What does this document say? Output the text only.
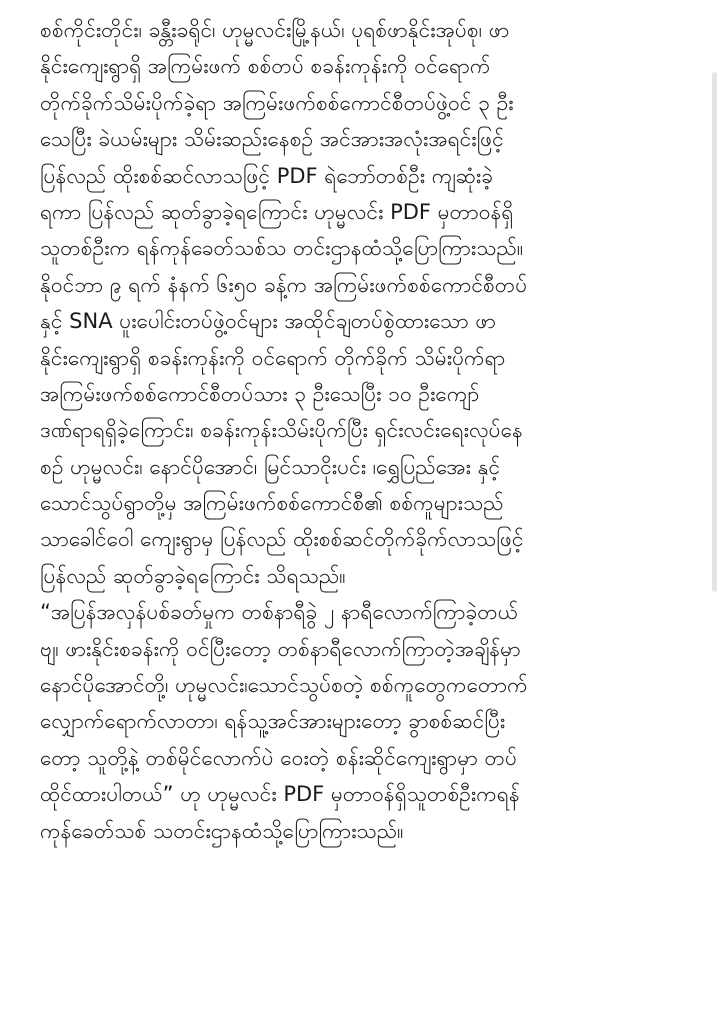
စစ်ကိုင်းတိုင်း၊ ခန္တီးခရိုင်၊ ဟုမ္မလင်းမြို့နယ်၊ ပုရစ်ဖာနိုင်းအုပ်စု၊ ဖာ
နိုင်းကျေးရွာရှိ အကြမ်းဖက် စစ်တပ် စခန်းကုန်းကို ဝင်ရောက်
တိုက်ခိုက်သိမ်းပိုက်ခဲ့ရာ အကြမ်းဖက်စစ်ကောင်စီတပ်ဖွဲ့ဝင် ၃ ဦး
သေပြီး ခဲယမ်းများ သိမ်းဆည်းနေစဉ် အင်အားအလုံးအရင်းဖြင့်
ပြန်လည် ထိုးစစ်ဆင်လာသဖြင့် PDF ရဲဘော်တစ်ဦး ကျဆုံးခဲ့
ရကာ ပြန်လည် ဆုတ်ခွာခဲ့ရကြောင်း ဟုမ္မလင်း PDF မှတာဝန်ရှိ
သူတစ်ဦးက ရန်ကုန်ခေတ်သစ်သ တင်းဌာနထံသို့ပြောကြားသည်။
နိုဝင်ဘာ ၉ ရက် နံနက် ၆း၅၀ ခန့်က အကြမ်းဖက်စစ်ကောင်စီတပ်
နှင့် SNA ပူးပေါင်းတပ်ဖွဲ့ဝင်များ အထိုင်ချတပ်စွဲထားသော ဖာ
နိုင်းကျေးရွာရှိ စခန်းကုန်းကို ဝင်ရောက် တိုက်ခိုက် သိမ်းပိုက်ရာ
အကြမ်းဖက်စစ်ကောင်စီတပ်သား ၃ ဦးသေပြီး ၁၀ ဦးကျော်
ဒဏ်ရာရရှိခဲ့ကြောင်း၊ စခန်းကုန်းသိမ်းပိုက်ပြီး ရှင်းလင်းရေးလုပ်နေ
စဉ် ဟုမ္မလင်း၊ နောင်ပိုအောင်၊ မြင်သာငိုးပင်း ၊ရွှေပြည်အေး နှင့်
သောင်သွပ်ရွာတို့မှ အကြမ်းဖက်စစ်ကောင်စီ၏ စစ်ကူများသည်
သာခေါင်ဝေါ ကျေးရွာမှ ပြန်လည် ထိုးစစ်ဆင်တိုက်ခိုက်လာသဖြင့်
ပြန်လည် ဆုတ်ခွာခဲ့ရကြောင်း သိရသည်။
“အပြန်အလှန်ပစ်ခတ်မှုက တစ်နာရီခွဲ ၂ နာရီလောက်ကြာခဲ့တယ်
ဗျ၊ ဖားနိုင်းစခန်းကို ဝင်ပြီးတော့ တစ်နာရီလောက်ကြာတဲ့အချိန်မှာ
နောင်ပိုအောင်တို့၊ ဟုမ္မလင်း၊သောင်သွပ်စတဲ့ စစ်ကူတွေကတောက်
လျှောက်ရောက်လာတာ၊ ရန်သူ့အင်အားများတော့ ခွာစစ်ဆင်ပြီး
တော့ သူတို့နဲ့ တစ်မိုင်လောက်ပဲ ဝေးတဲ့ စန်းဆိုင်ကျေးရွာမှာ တပ်
ထိုင်ထားပါတယ်” ဟု ဟုမ္မလင်း PDF မှတာဝန်ရှိသူတစ်ဦးကရန်
ကုန်ခေတ်သစ် သတင်းဌာနထံသို့ပြောကြားသည်။
